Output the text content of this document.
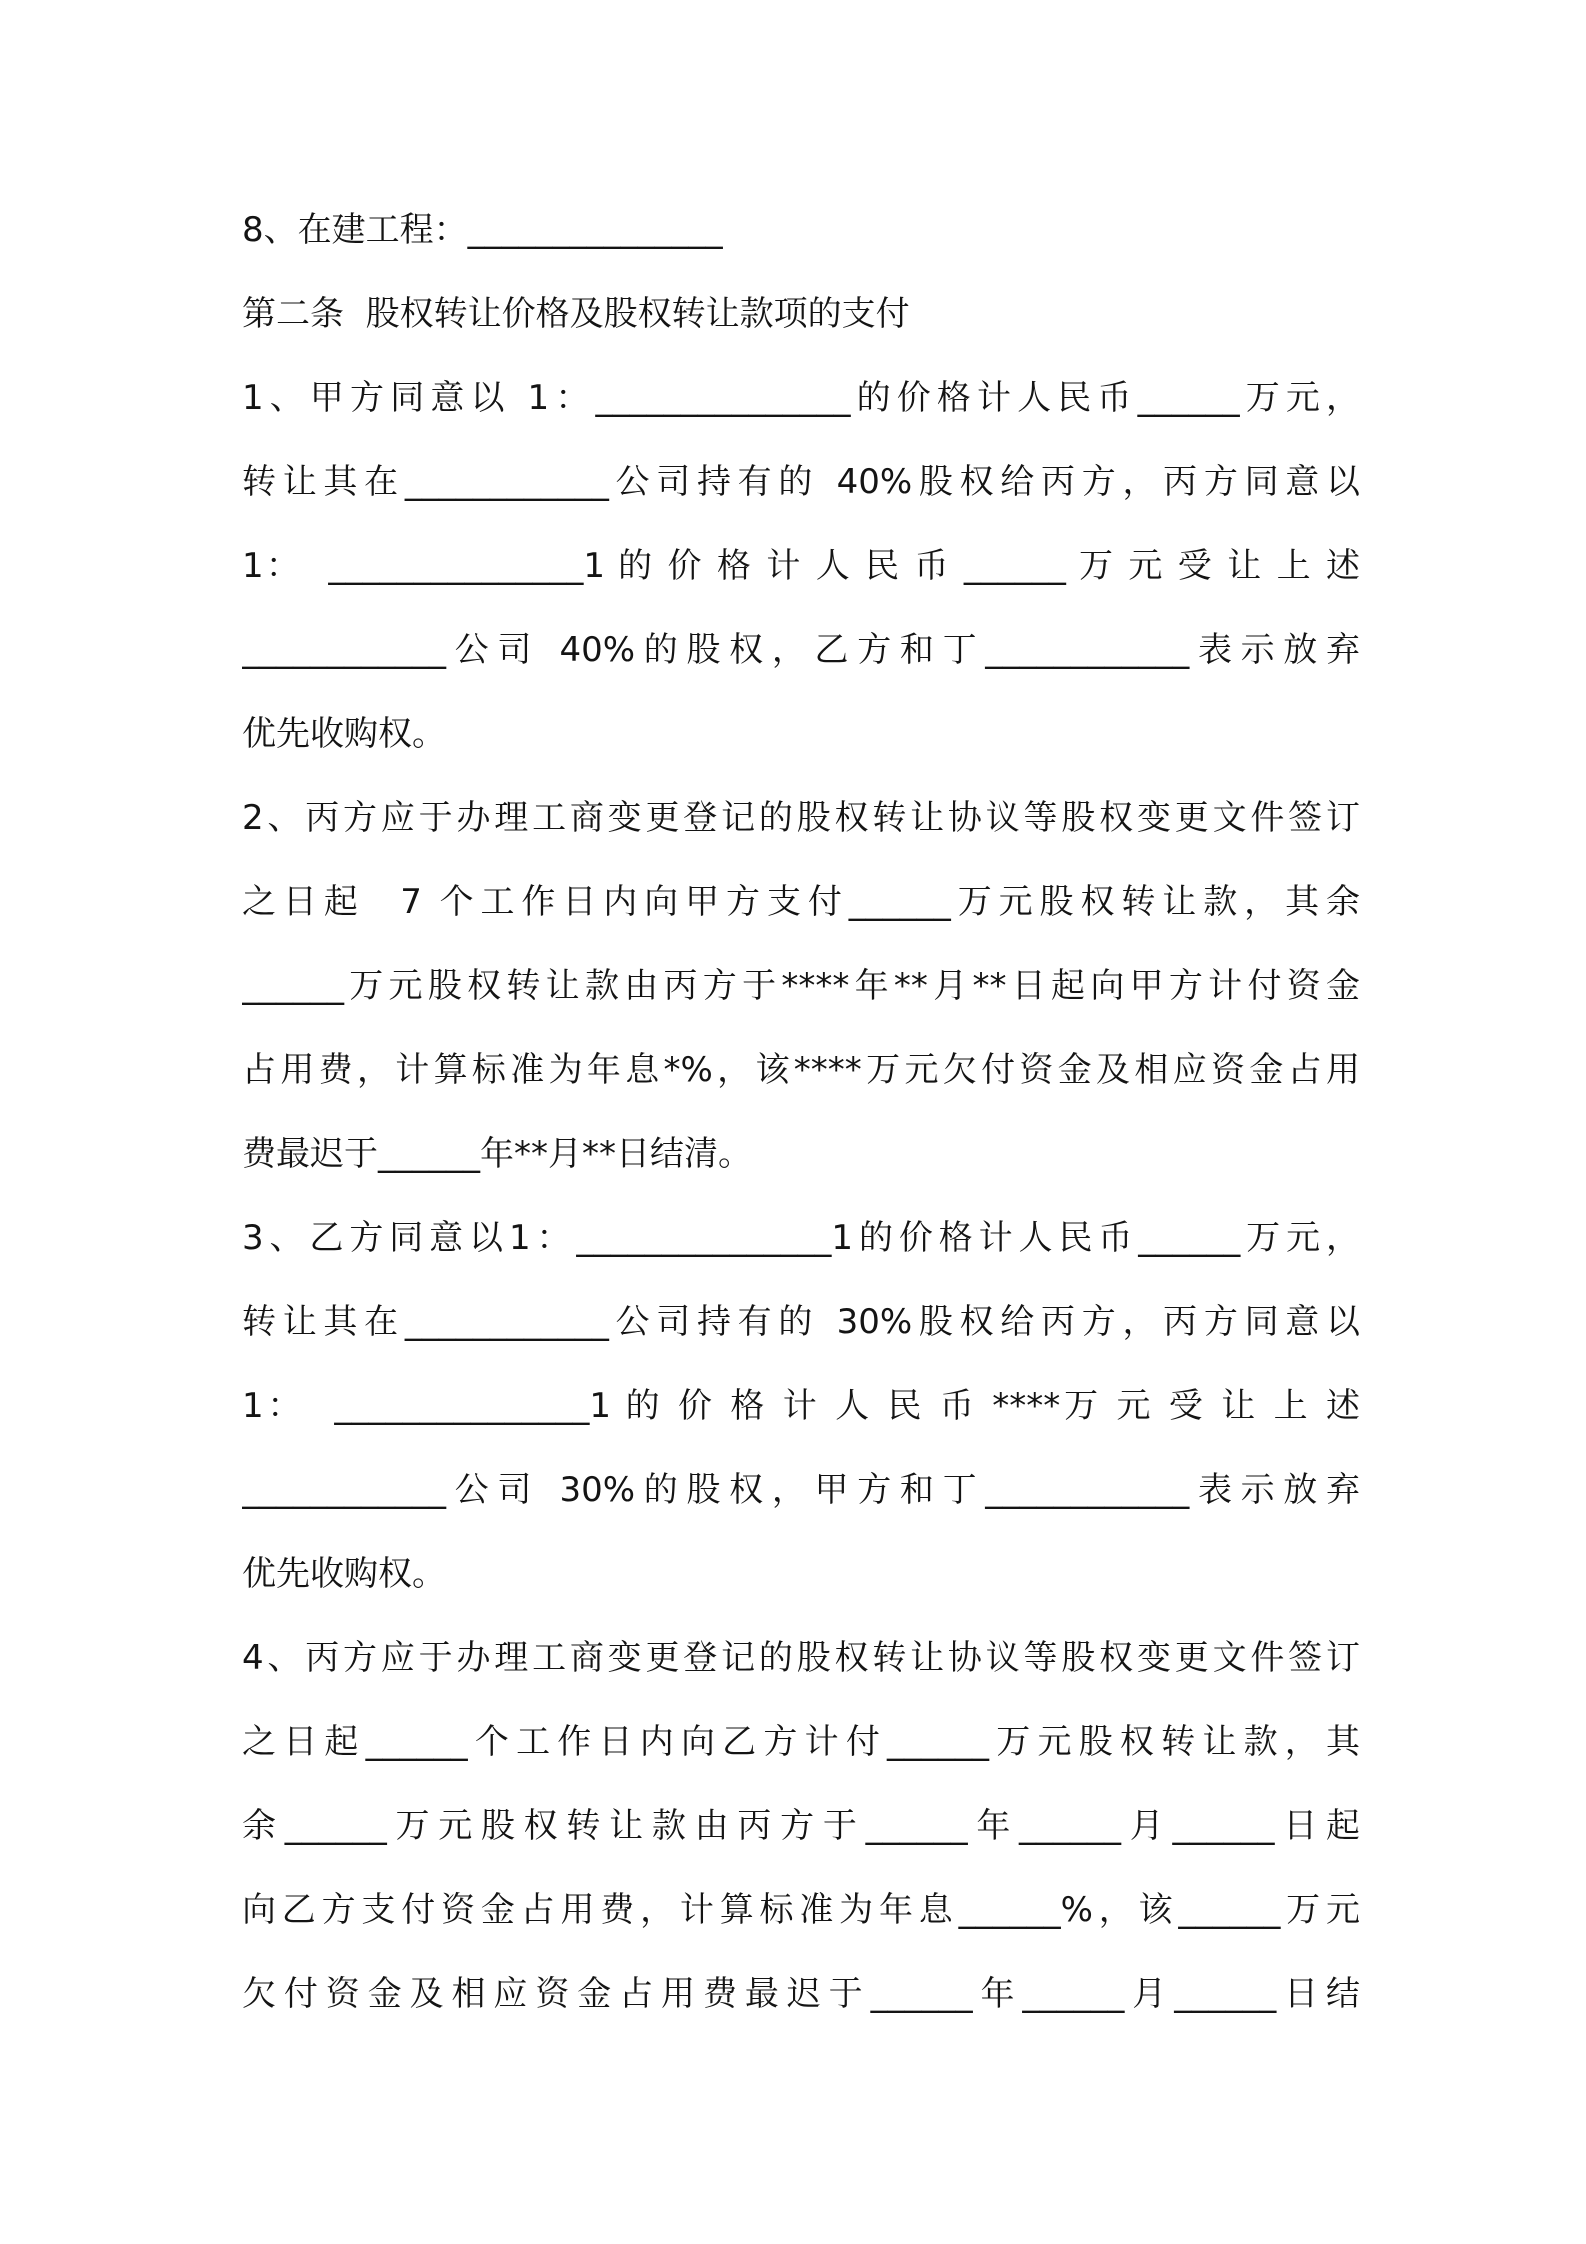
8、在建工程：_______________
第二条  股权转让价格及股权转让款项的支付
1、甲方同意以 1：_______________的价格计人民币______万元，
转让其在____________公司持有的 40%股权给丙方，丙方同意以
1：  _______________1 的 价 格 计 人 民 币 ______ 万 元 受 让 上 述
____________公司 40%的股权，乙方和丁____________表示放弃
优先收购权。
2、丙方应于办理工商变更登记的股权转让协议等股权变更文件签订
之日起  7 个工作日内向甲方支付______万元股权转让款，其余
______万元股权转让款由丙方于****年**月**日起向甲方计付资金
占用费，计算标准为年息*%，该****万元欠付资金及相应资金占用
费最迟于______年**月**日结清。
3、乙方同意以1：_______________1的价格计人民币______万元，
转让其在____________公司持有的 30%股权给丙方，丙方同意以
1：  _______________1 的 价 格 计 人 民 币 ****万 元 受 让 上 述
____________公司 30%的股权，甲方和丁____________表示放弃
优先收购权。
4、丙方应于办理工商变更登记的股权转让协议等股权变更文件签订
之日起______个工作日内向乙方计付______万元股权转让款，其
余______万元股权转让款由丙方于______年______月______日起
向乙方支付资金占用费，计算标准为年息______%，该______万元
欠付资金及相应资金占用费最迟于______年______月______日结
